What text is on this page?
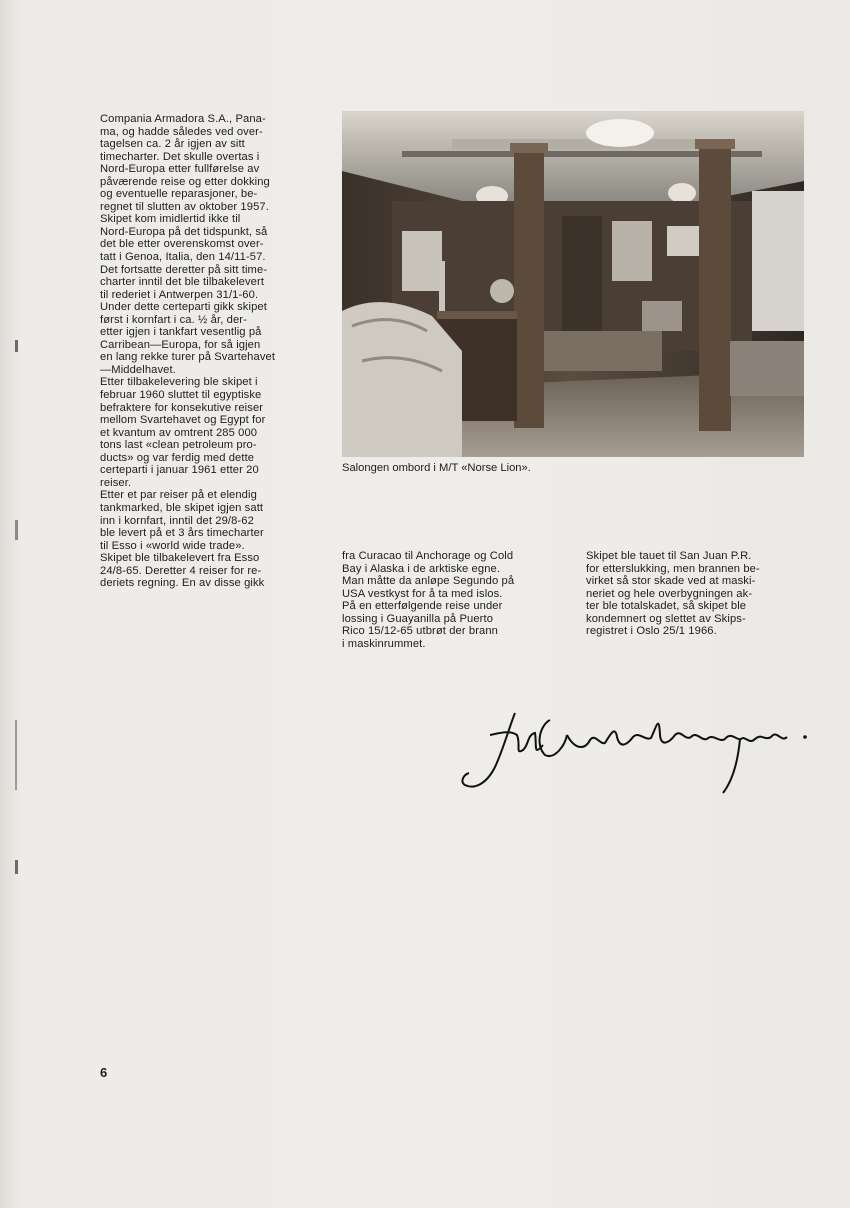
Compania Armadora S.A., Pana-
ma, og hadde således ved over-
tagelsen ca. 2 år igjen av sitt
timecharter. Det skulle overtas i
Nord-Europa etter fullførelse av
påværende reise og etter dokking
og eventuelle reparasjoner, be-
regnet til slutten av oktober 1957.
Skipet kom imidlertid ikke til
Nord-Europa på det tidspunkt, så
det ble etter overenskomst over-
tatt i Genoa, Italia, den 14/11-57.
Det fortsatte deretter på sitt time-
charter inntil det ble tilbakelevert
til rederiet i Antwerpen 31/1-60.
Under dette certeparti gikk skipet
først i kornfart i ca. ½ år, der-
etter igjen i tankfart vesentlig på
Carribean—Europa, for så igjen
en lang rekke turer på Svartehavet
—Middelhavet.
Etter tilbakelevering ble skipet i
februar 1960 sluttet til egyptiske
befraktere for konsekutive reiser
mellom Svartehavet og Egypt for
et kvantum av omtrent 285 000
tons last «clean petroleum pro-
ducts» og var ferdig med dette
certeparti i januar 1961 etter 20
reiser.
Etter et par reiser på et elendig
tankmarked, ble skipet igjen satt
inn i kornfart, inntil det 29/8-62
ble levert på et 3 års timecharter
til Esso i «world wide trade».
Skipet ble tilbakelevert fra Esso
24/8-65. Deretter 4 reiser for re-
deriets regning. En av disse gikk
Salongen ombord i M/T «Norse Lion».
fra Curacao til Anchorage og Cold
Bay i Alaska i de arktiske egne.
Man måtte da anløpe Segundo på
USA vestkyst for å ta med islos.
På en etterfølgende reise under
lossing i Guayanilla på Puerto
Rico 15/12-65 utbrøt der brann
i maskinrummet.
Skipet ble tauet til San Juan P.R.
for etterslukking, men brannen be-
virket så stor skade ved at maski-
neriet og hele overbygningen ak-
ter ble totalskadet, så skipet ble
kondemnert og slettet av Skips-
registret i Oslo 25/1 1966.
6
